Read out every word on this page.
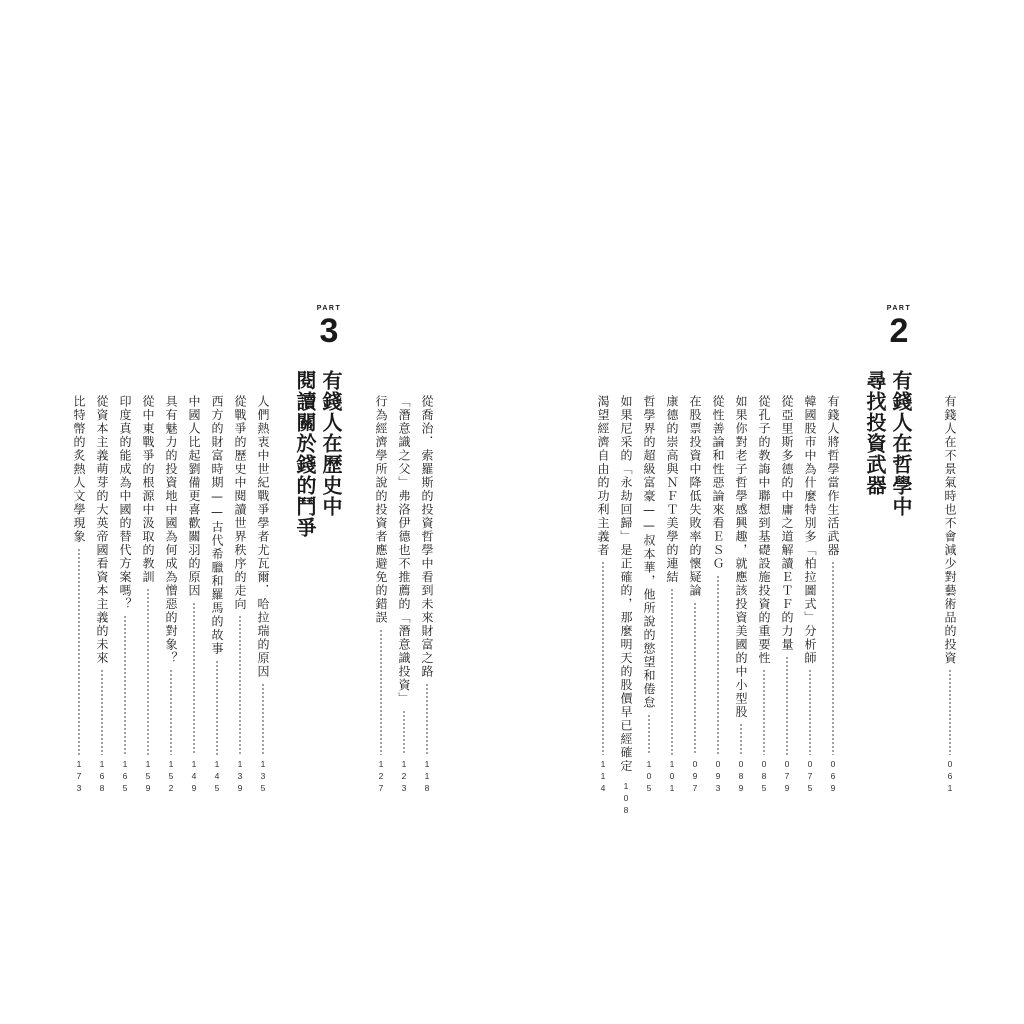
有錢人在不景氣時也不會減少對藝術品的投資
061
PART
2
有錢人在哲學中
尋找投資武器
有錢人將哲學當作生活武器
069
韓國股市中為什麼特別多「柏拉圖式」分析師
075
從亞里斯多德的中庸之道解讀ＥＴＦ的力量
079
從孔子的教誨中聯想到基礎設施投資的重要性
085
如果你對老子哲學感興趣，就應該投資美國的中小型股
089
從性善論和性惡論來看ＥＳＧ
093
在股票投資中降低失敗率的懷疑論
097
康德的崇高與ＮＦＴ美學的連結
101
哲學界的超級富豪——叔本華，他所說的慾望和倦怠
105
如果尼采的「永劫回歸」是正確的，那麼明天的股價早已經確定
108
渴望經濟自由的功利主義者
114
PART
3
有錢人在歷史中
閱讀關於錢的鬥爭	從喬治．索羅斯的投資哲學中看到未來財富之路
118
「潛意識之父」弗洛伊德也不推薦的「潛意識投資」
123
行為經濟學所說的投資者應避免的錯誤
127
人們熱衷中世紀戰爭學者尤瓦爾．哈拉瑞的原因
135
從戰爭的歷史中閱讀世界秩序的走向
139
西方的財富時期——古代希臘和羅馬的故事
145
中國人比起劉備更喜歡關羽的原因
149
具有魅力的投資地中國為何成為憎惡的對象？
152
從中東戰爭的根源中汲取的教訓
159
印度真的能成為中國的替代方案嗎？
165
從資本主義萌芽的大英帝國看資本主義的未來
168
比特幣的炙熱人文學現象
173
